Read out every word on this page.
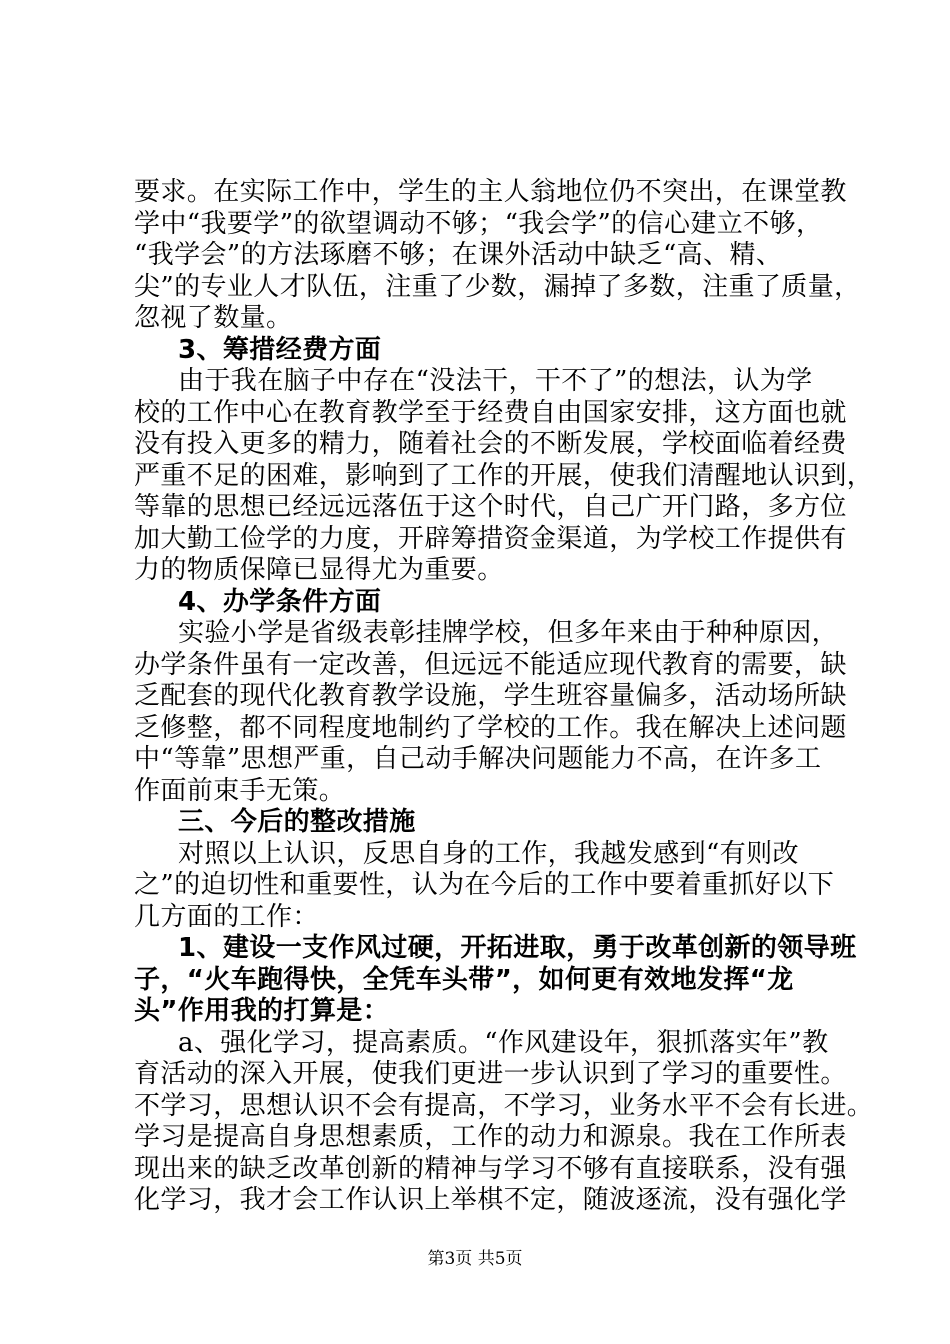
要求。在实际工作中，学生的主人翁地位仍不突出，在课堂教
学中“我要学”的欲望调动不够；“我会学”的信心建立不够，
“我学会”的方法琢磨不够；在课外活动中缺乏“高、精、
尖”的专业人才队伍，注重了少数，漏掉了多数，注重了质量，
忽视了数量。
3、筹措经费方面
由于我在脑子中存在“没法干，干不了”的想法，认为学
校的工作中心在教育教学至于经费自由国家安排，这方面也就
没有投入更多的精力，随着社会的不断发展，学校面临着经费
严重不足的困难，影响到了工作的开展，使我们清醒地认识到，
等靠的思想已经远远落伍于这个时代，自己广开门路，多方位
加大勤工俭学的力度，开辟筹措资金渠道，为学校工作提供有
力的物质保障已显得尤为重要。
4、办学条件方面
实验小学是省级表彰挂牌学校，但多年来由于种种原因，
办学条件虽有一定改善，但远远不能适应现代教育的需要，缺
乏配套的现代化教育教学设施，学生班容量偏多，活动场所缺
乏修整，都不同程度地制约了学校的工作。我在解决上述问题
中“等靠”思想严重，自己动手解决问题能力不高，在许多工
作面前束手无策。
三、今后的整改措施
对照以上认识，反思自身的工作，我越发感到“有则改
之”的迫切性和重要性，认为在今后的工作中要着重抓好以下
几方面的工作：
1、建设一支作风过硬，开拓进取，勇于改革创新的领导班
子，“火车跑得快，全凭车头带”，如何更有效地发挥“龙
头”作用我的打算是：
a、强化学习，提高素质。“作风建设年，狠抓落实年”教
育活动的深入开展，使我们更进一步认识到了学习的重要性。
不学习，思想认识不会有提高，不学习，业务水平不会有长进。
学习是提高自身思想素质，工作的动力和源泉。我在工作所表
现出来的缺乏改革创新的精神与学习不够有直接联系，没有强
化学习，我才会工作认识上举棋不定，随波逐流，没有强化学
第3页 共5页
